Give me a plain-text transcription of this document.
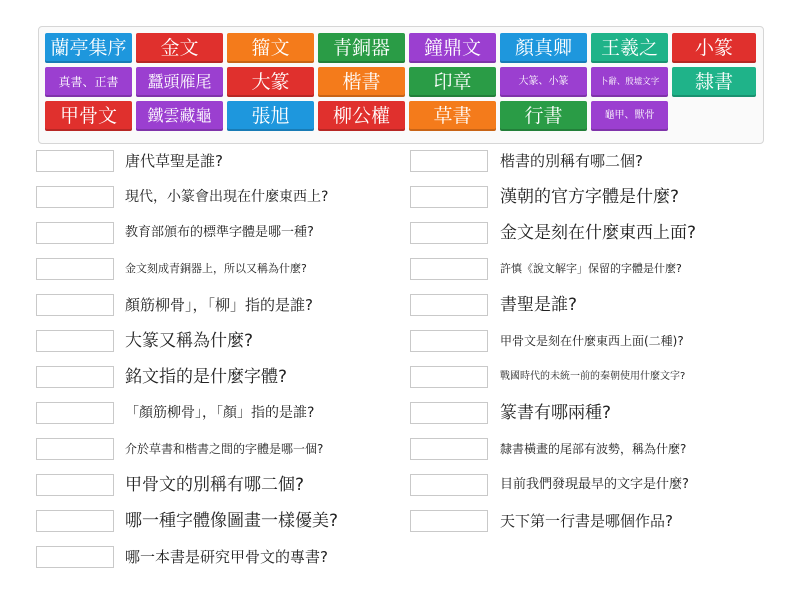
蘭亭集序	金文	籀文	青銅器	鐘鼎文	顏真卿	王羲之	小篆
真書、正書	蠶頭雁尾	大篆	楷書	印章	大篆、小篆	卜辭、殷墟文字	隸書
甲骨文	鐵雲藏龜	張旭	柳公權	草書	行書	龜甲、獸骨
唐代草聖是誰?
現代，小篆會出現在什麼東西上?
教育部頒布的標準字體是哪一種?
金文刻成青銅器上，所以又稱為什麼?
顏筋柳骨」，「柳」指的是誰?
大篆又稱為什麼?
銘文指的是什麼字體?
「顏筋柳骨」，「顏」指的是誰?
介於草書和楷書之間的字體是哪一個?
甲骨文的別稱有哪二個?
哪一種字體像圖畫一樣優美?
哪一本書是研究甲骨文的專書?
楷書的別稱有哪二個?
漢朝的官方字體是什麼?
金文是刻在什麼東西上面?
許慎《說文解字」保留的字體是什麼?
書聖是誰?
甲骨文是刻在什麼東西上面(二種)?
戰國時代的未統一前的秦朝使用什麼文字?
篆書有哪兩種?
隸書橫畫的尾部有波勢，稱為什麼?
目前我們發現最早的文字是什麼?
天下第一行書是哪個作品?
